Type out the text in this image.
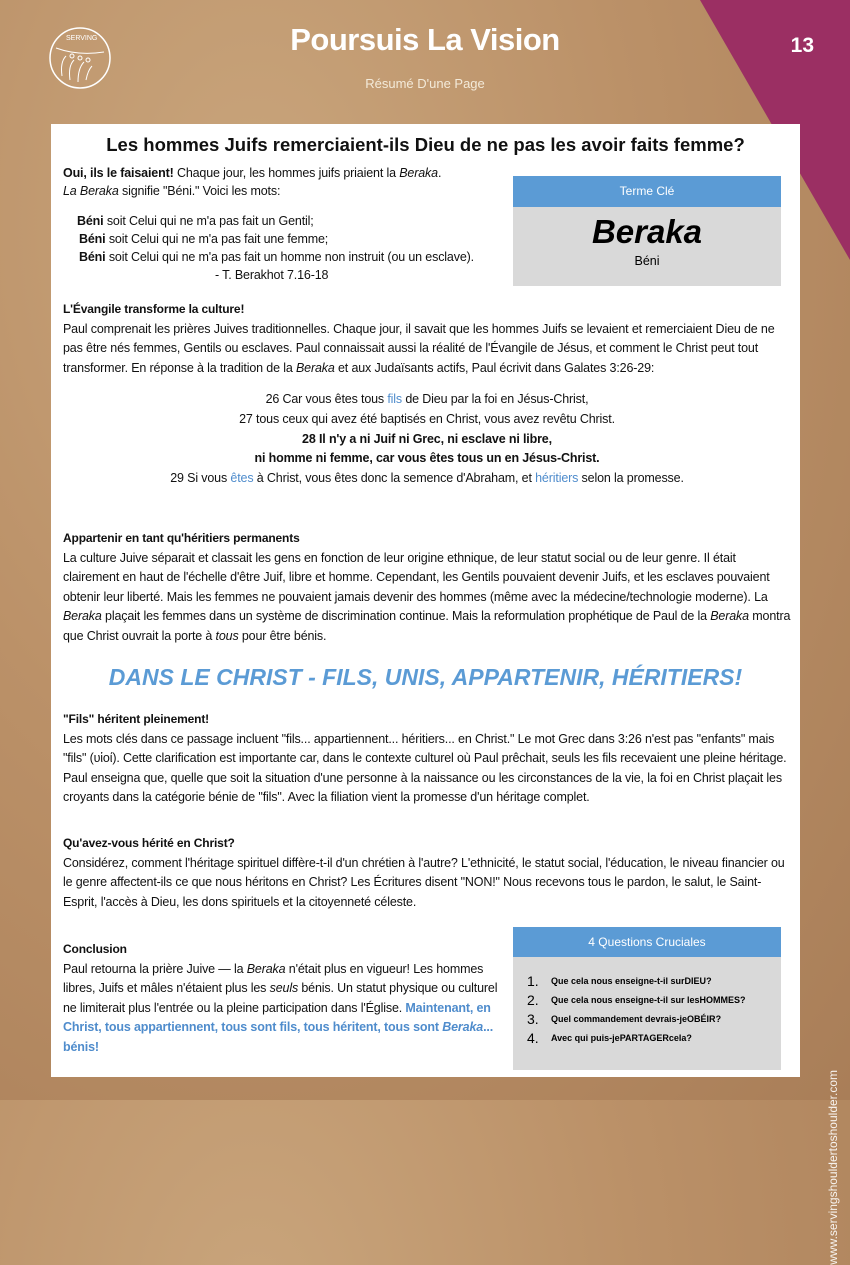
SERVING	Poursuis La Vision
Résumé D'une Page
13
www.servingshouldertoshoulder.com
Les hommes Juifs remerciaient-ils Dieu de ne pas les avoir faits femme?
Oui, ils le faisaient! Chaque jour, les hommes juifs priaient la Beraka.
La Beraka signifie "Béni." Voici les mots:
Béni soit Celui qui ne m'a pas fait un Gentil;
Béni soit Celui qui ne m'a pas fait une femme;
Béni soit Celui qui ne m'a pas fait un homme non instruit (ou un esclave).
- T. Berakhot 7.16-18
Terme Clé
Beraka
Béni
L'Évangile transforme la culture!
Paul comprenait les prières Juives traditionnelles. Chaque jour, il savait que les hommes Juifs se levaient et remerciaient Dieu de ne pas être nés femmes, Gentils ou esclaves. Paul connaissait aussi la réalité de l'Évangile de Jésus, et comment le Christ peut tout transformer. En réponse à la tradition de la Beraka et aux Judaïsants actifs, Paul écrivit dans Galates 3:26-29:
26 Car vous êtes tous fils de Dieu par la foi en Jésus-Christ,
27 tous ceux qui avez été baptisés en Christ, vous avez revêtu Christ.
28 Il n'y a ni Juif ni Grec, ni esclave ni libre,
ni homme ni femme, car vous êtes tous un en Jésus-Christ.
29 Si vous êtes à Christ, vous êtes donc la semence d'Abraham, et héritiers selon la promesse.
Appartenir en tant qu'héritiers permanents
La culture Juive séparait et classait les gens en fonction de leur origine ethnique, de leur statut social ou de leur genre. Il était clairement en haut de l'échelle d'être Juif, libre et homme. Cependant, les Gentils pouvaient devenir Juifs, et les esclaves pouvaient obtenir leur liberté. Mais les femmes ne pouvaient jamais devenir des hommes (même avec la médecine/technologie moderne). La Beraka plaçait les femmes dans un système de discrimination continue. Mais la reformulation prophétique de Paul de la Beraka montra que Christ ouvrait la porte à tous pour être bénis.
DANS LE CHRIST - FILS, UNIS, APPARTENIR, HÉRITIERS!
"Fils" héritent pleinement!
Les mots clés dans ce passage incluent "fils... appartiennent... héritiers... en Christ." Le mot Grec dans 3:26 n'est pas "enfants" mais "fils" (υἱοί). Cette clarification est importante car, dans le contexte culturel où Paul prêchait, seuls les fils recevaient une pleine héritage. Paul enseigna que, quelle que soit la situation d'une personne à la naissance ou les circonstances de la vie, la foi en Christ plaçait les croyants dans la catégorie bénie de "fils". Avec la filiation vient la promesse d'un héritage complet.
Qu'avez-vous hérité en Christ?
Considérez, comment l'héritage spirituel diffère-t-il d'un chrétien à l'autre? L'ethnicité, le statut social, l'éducation, le niveau financier ou le genre affectent-ils ce que nous héritons en Christ? Les Écritures disent "NON!" Nous recevons tous le pardon, le salut, le Saint-Esprit, l'accès à Dieu, les dons spirituels et la citoyenneté céleste.
Conclusion
Paul retourna la prière Juive — la Beraka n'était plus en vigueur! Les hommes libres, Juifs et mâles n'étaient plus les seuls bénis. Un statut physique ou culturel ne limiterait plus l'entrée ou la pleine participation dans l'Église. Maintenant, en Christ, tous appartiennent, tous sont fils, tous héritent, tous sont Beraka... bénis!
4 Questions Cruciales
1.	Que cela nous enseigne-t-il sur DIEU ?
2.	Que cela nous enseigne-t-il sur les HOMMES ?
3.	Quel commandement devrais-je OBÉIR ?
4.	Avec qui puis-je PARTAGER cela?
